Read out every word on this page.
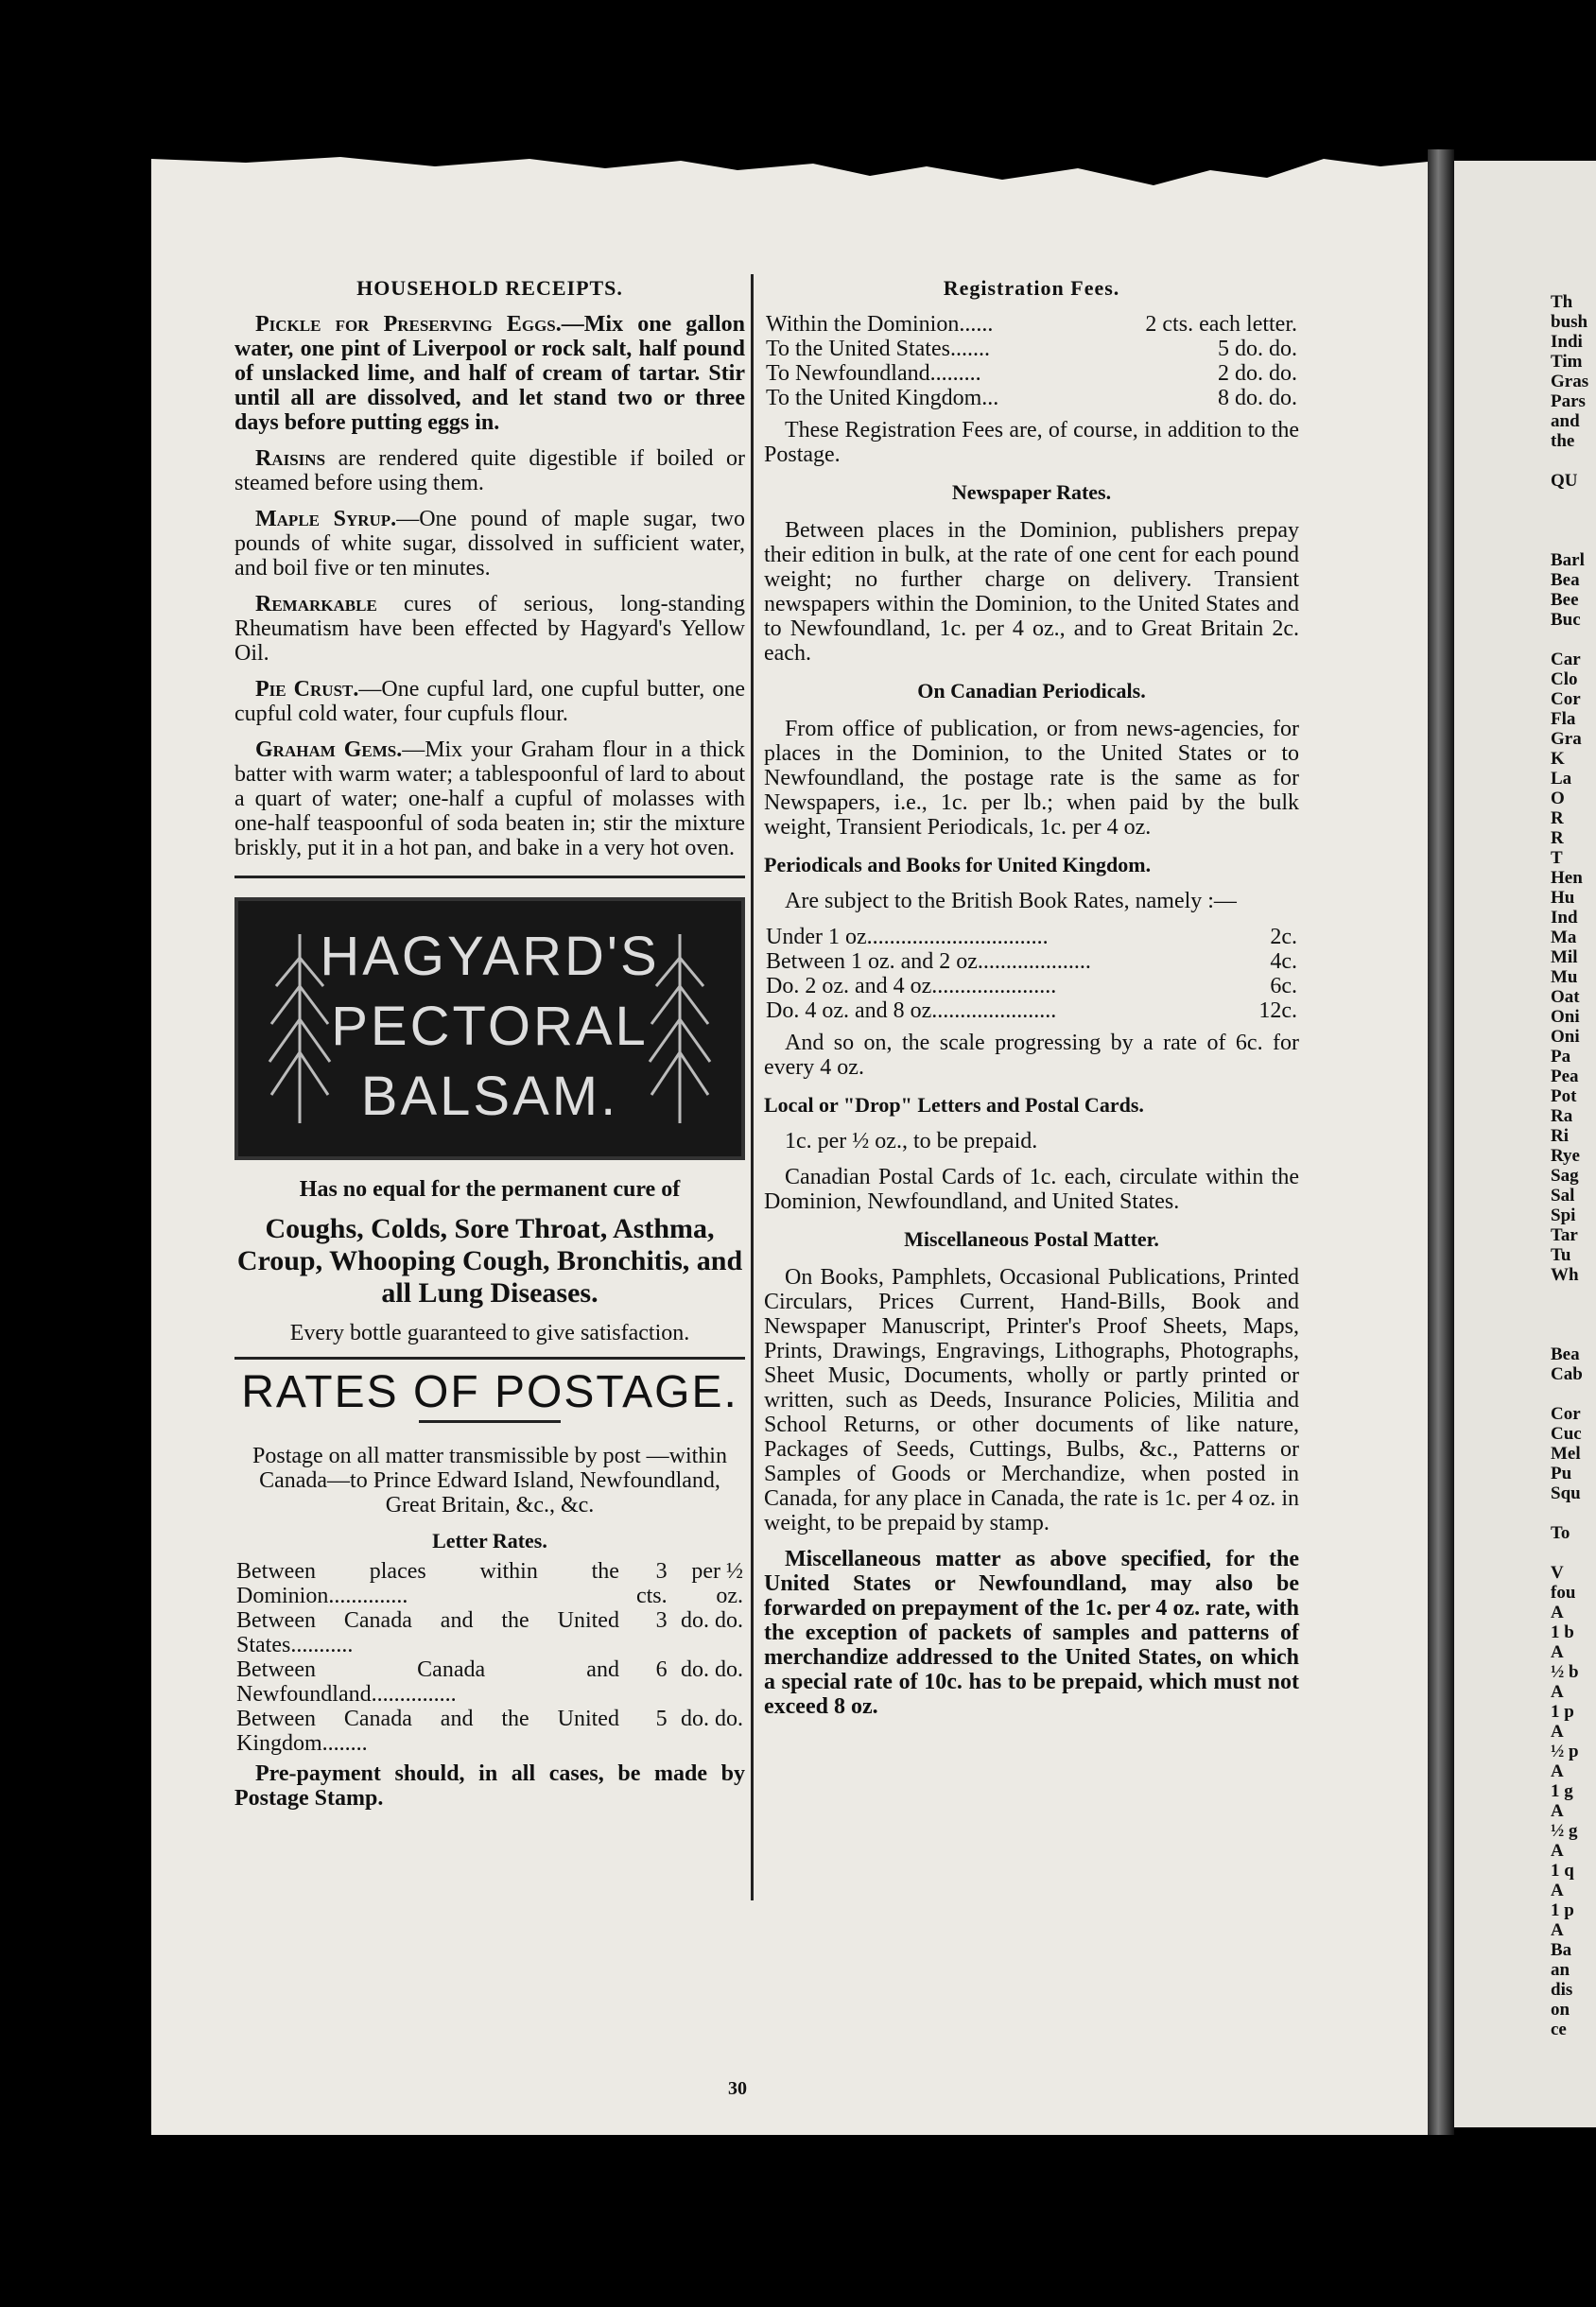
Th
bush
Indi
Tim
Gras
Pars
and
the
QU
Barl
Bea
Bee
Buc
Car
Clo
Cor
Fla
Gra
K
La
O
R
R
T
Hen
Hu
Ind
Ma
Mil
Mu
Oat
Oni
Oni
Pa
Pea
Pot
Ra
Ri
Rye
Sag
Sal
Spi
Tar
Tu
Wh
Bea
Cab
Cor
Cuc
Mel
Pu
Squ
To
V
fou
A
1 b
A
½ b
A
1 p
A
½ p
A
1 g
A
½ g
A
1 q
A
1 p
A
Ba
an
dis
on
ce
HOUSEHOLD RECEIPTS.

Pickle for Preserving Eggs.—Mix one gallon water, one pint of Liverpool or rock salt, half pound of unslacked lime, and half of cream of tartar. Stir until all are dissolved, and let stand two or three days before putting eggs in.

Raisins are rendered quite digestible if boiled or steamed before using them.

Maple Syrup.—One pound of maple sugar, two pounds of white sugar, dissolved in sufficient water, and boil five or ten minutes.

Remarkable cures of serious, long-standing Rheumatism have been effected by Hagyard's Yellow Oil.

Pie Crust.—One cupful lard, one cupful butter, one cupful cold water, four cupfuls flour.

Graham Gems.—Mix your Graham flour in a thick batter with warm water; a tablespoonful of lard to about a quart of water; one-half a cupful of molasses with one-half teaspoonful of soda beaten in; stir the mixture briskly, put it in a hot pan, and bake in a very hot oven.

HAGYARD'S
PECTORAL
BALSAM.

Has no equal for the permanent cure of

Coughs, Colds, Sore Throat, Asthma, Croup, Whooping Cough, Bronchitis, and all Lung Diseases.

Every bottle guaranteed to give satisfaction.

RATES OF POSTAGE.

Postage on all matter transmissible by post —within Canada—to Prince Edward Island, Newfoundland, Great Britain, &c., &c.

Letter Rates.
Between places within the Dominion..............	3 cts.	per ½ oz.
Between Canada and the United States...........	3	do. do.
Between Canada and Newfoundland...............	6	do. do.
Between Canada and the United Kingdom........	5	do. do.

Pre-payment should, in all cases, be made by Postage Stamp.

Registration Fees.
Within the Dominion......	2 cts. each letter.
To the United States.......	5 do. do.
To Newfoundland.........	2 do. do.
To the United Kingdom...	8 do. do.

These Registration Fees are, of course, in addition to the Postage.

Newspaper Rates.

Between places in the Dominion, publishers prepay their edition in bulk, at the rate of one cent for each pound weight; no further charge on delivery. Transient newspapers within the Dominion, to the United States and to Newfoundland, 1c. per 4 oz., and to Great Britain 2c. each.

On Canadian Periodicals.

From office of publication, or from news-agencies, for places in the Dominion, to the United States or to Newfoundland, the postage rate is the same as for Newspapers, i.e., 1c. per lb.; when paid by the bulk weight, Transient Periodicals, 1c. per 4 oz.

Periodicals and Books for United Kingdom.

Are subject to the British Book Rates, namely :—

Under 1 oz................................	2c.
Between 1 oz. and 2 oz....................	4c.
Do. 2 oz. and 4 oz......................	6c.
Do. 4 oz. and 8 oz......................	12c.

And so on, the scale progressing by a rate of 6c. for every 4 oz.

Local or "Drop" Letters and Postal Cards.

1c. per ½ oz., to be prepaid.

Canadian Postal Cards of 1c. each, circulate within the Dominion, Newfoundland, and United States.

Miscellaneous Postal Matter.

On Books, Pamphlets, Occasional Publications, Printed Circulars, Prices Current, Hand-Bills, Book and Newspaper Manuscript, Printer's Proof Sheets, Maps, Prints, Drawings, Engravings, Lithographs, Photographs, Sheet Music, Documents, wholly or partly printed or written, such as Deeds, Insurance Policies, Militia and School Returns, or other documents of like nature, Packages of Seeds, Cuttings, Bulbs, &c., Patterns or Samples of Goods or Merchandize, when posted in Canada, for any place in Canada, the rate is 1c. per 4 oz. in weight, to be prepaid by stamp.

Miscellaneous matter as above specified, for the United States or Newfoundland, may also be forwarded on prepayment of the 1c. per 4 oz. rate, with the exception of packets of samples and patterns of merchandize addressed to the United States, on which a special rate of 10c. has to be prepaid, which must not exceed 8 oz.

30
